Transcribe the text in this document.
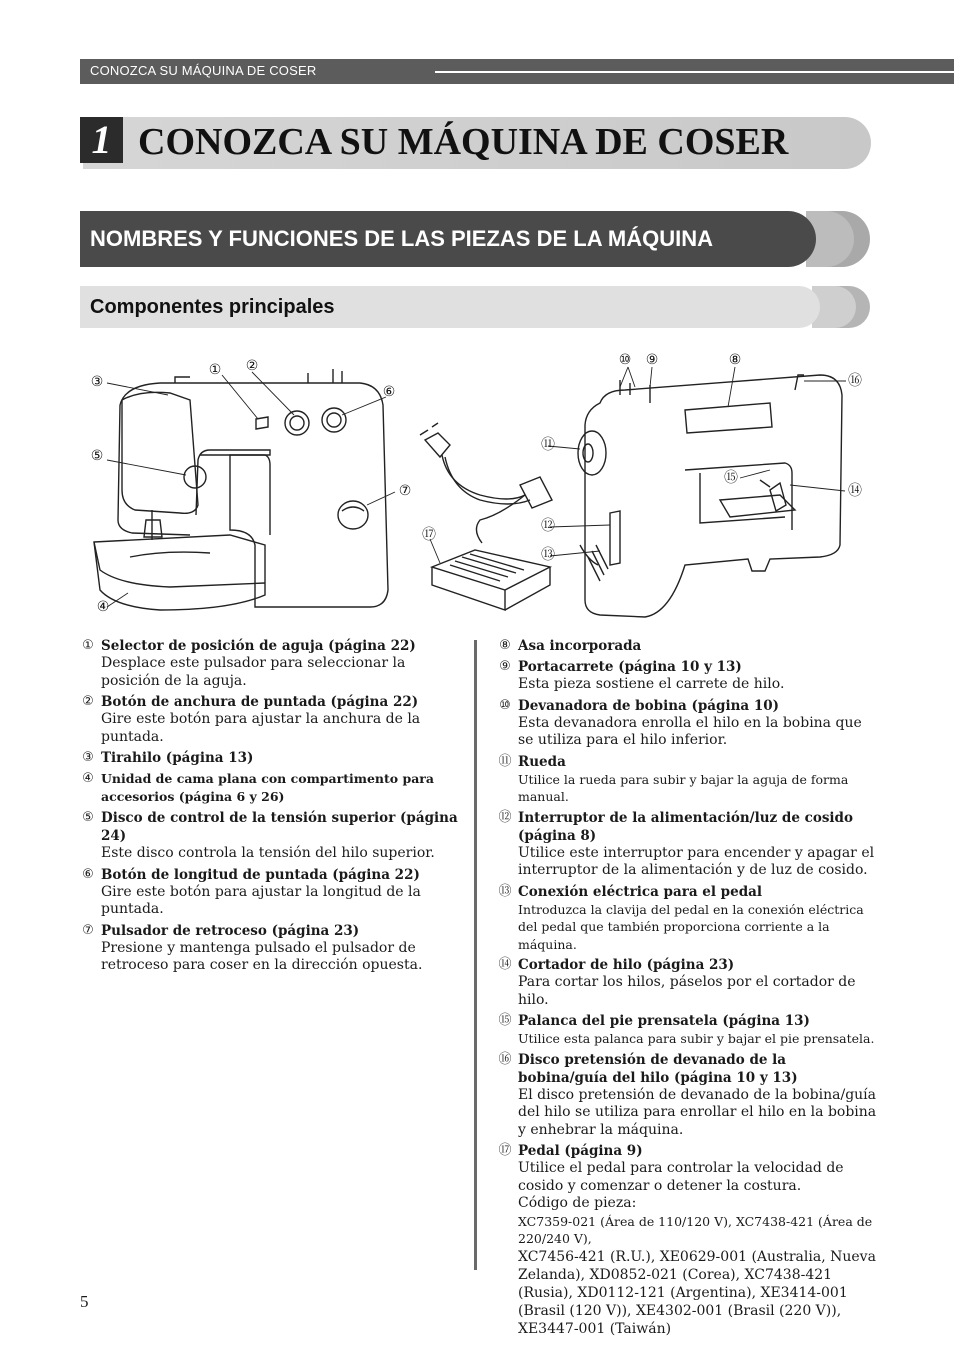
CONOZCA SU MÁQUINA DE COSER
1 CONOZCA SU MÁQUINA DE COSER
NOMBRES Y FUNCIONES DE LAS PIEZAS DE LA MÁQUINA
Componentes principales
① ②
③
④
⑤
⑥
⑦
⑧
⑨
⑩
⑪
⑫
⑬
⑭
⑮
⑯
⑰
① Selector de posición de aguja (página 22)
Desplace este pulsador para seleccionar la posición de la aguja.
② Botón de anchura de puntada (página 22)
Gire este botón para ajustar la anchura de la puntada.
③ Tirahilo (página 13)
④ Unidad de cama plana con compartimento para accesorios (página 6 y 26)
⑤ Disco de control de la tensión superior (página 24)
Este disco controla la tensión del hilo superior.
⑥ Botón de longitud de puntada (página 22)
Gire este botón para ajustar la longitud de la puntada.
⑦ Pulsador de retroceso (página 23)
Presione y mantenga pulsado el pulsador de retroceso para coser en la dirección opuesta.
⑧ Asa incorporada
⑨ Portacarrete (página 10 y 13)
Esta pieza sostiene el carrete de hilo.
⑩ Devanadora de bobina (página 10)
Esta devanadora enrolla el hilo en la bobina que se utiliza para el hilo inferior.
⑪ Rueda
Utilice la rueda para subir y bajar la aguja de forma manual.
⑫ Interruptor de la alimentación/luz de cosido (página 8)
Utilice este interruptor para encender y apagar el interruptor de la alimentación y de luz de cosido.
⑬ Conexión eléctrica para el pedal
Introduzca la clavija del pedal en la conexión eléctrica del pedal que también proporciona corriente a la máquina.
⑭ Cortador de hilo (página 23)
Para cortar los hilos, páselos por el cortador de hilo.
⑮ Palanca del pie prensatela (página 13)
Utilice esta palanca para subir y bajar el pie prensatela.
⑯ Disco pretensión de devanado de la bobina/guía del hilo (página 10 y 13)
El disco pretensión de devanado de la bobina/guía del hilo se utiliza para enrollar el hilo en la bobina y enhebrar la máquina.
⑰ Pedal (página 9)
Utilice el pedal para controlar la velocidad de cosido y comenzar o detener la costura.
Código de pieza:
XC7359-021 (Área de 110/120 V), XC7438-421 (Área de 220/240 V),
XC7456-421 (R.U.), XE0629-001 (Australia, Nueva Zelanda), XD0852-021 (Corea), XC7438-421 (Rusia), XD0112-121 (Argentina), XE3414-001 (Brasil (120 V)), XE4302-001 (Brasil (220 V)), XE3447-001 (Taiwán)
5
